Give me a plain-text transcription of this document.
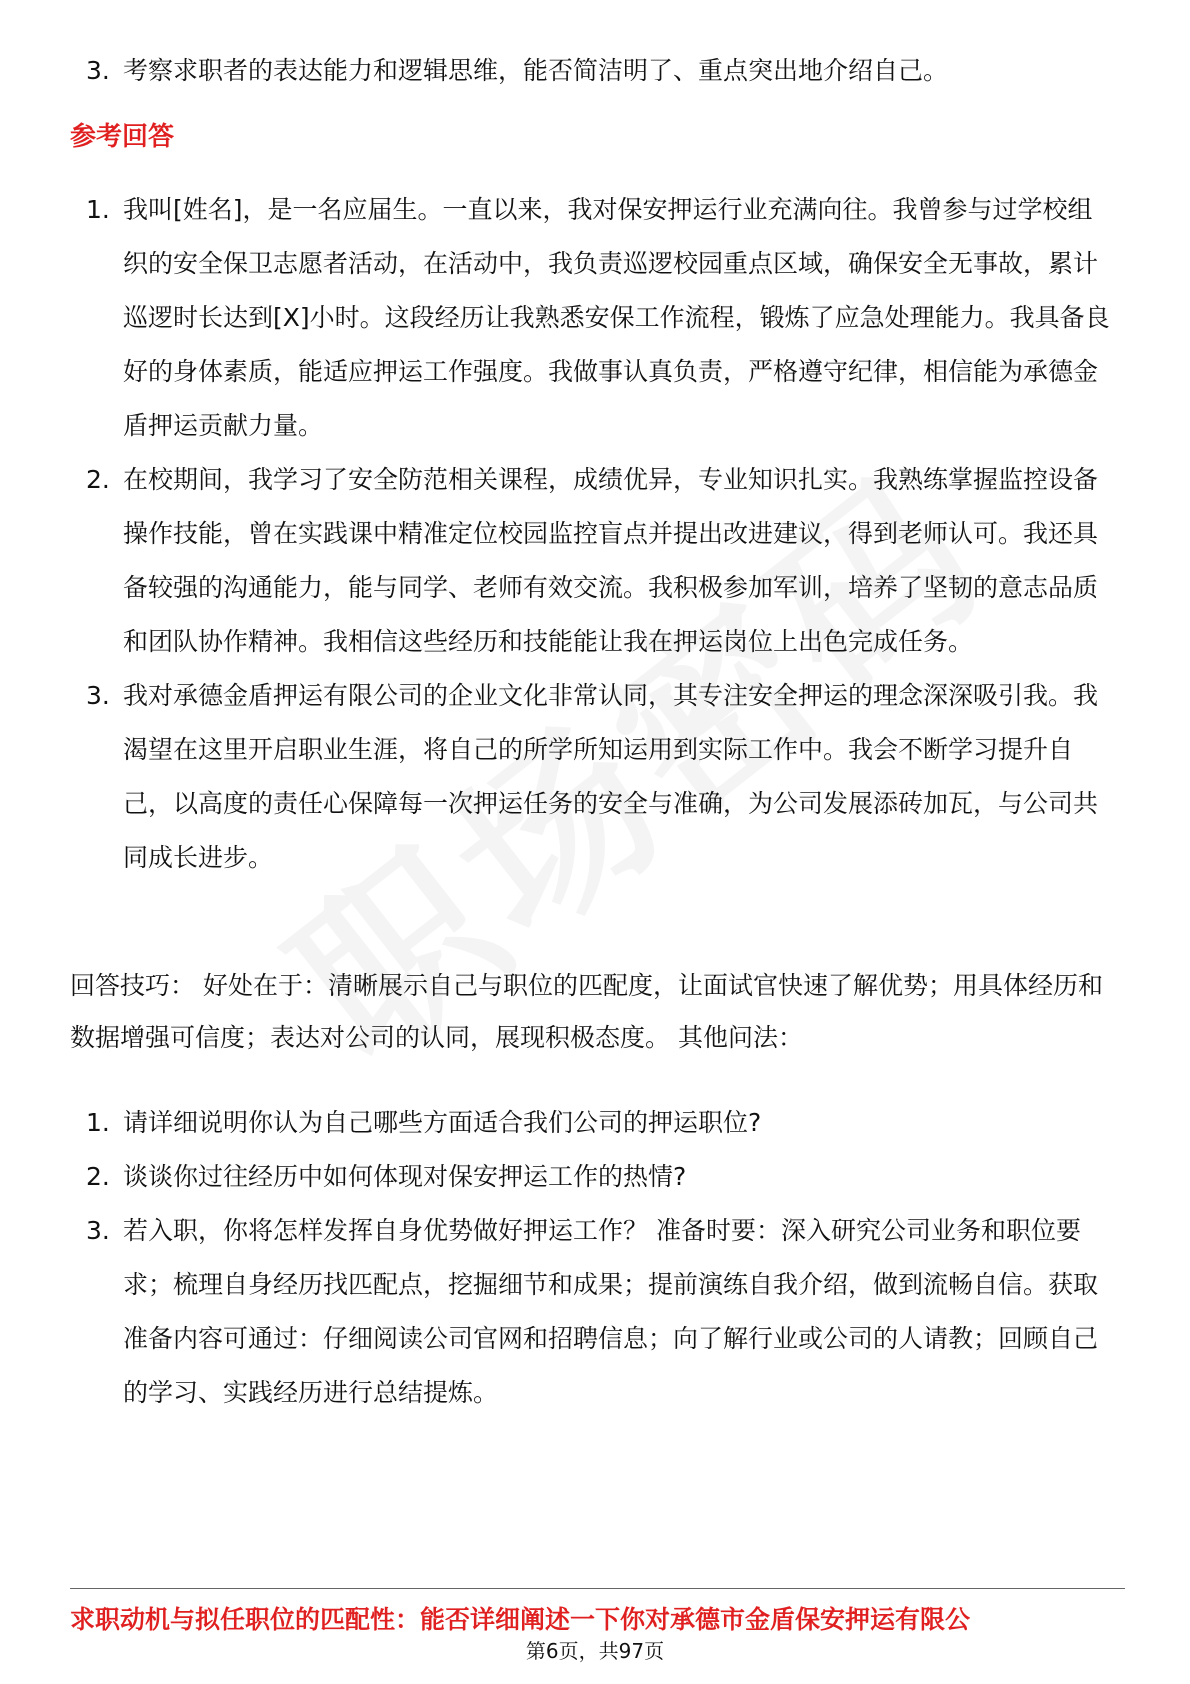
3. 考察求职者的表达能力和逻辑思维，能否简洁明了、重点突出地介绍自己。
参考回答
1. 我叫[姓名]，是一名应届生。一直以来，我对保安押运行业充满向往。我曾参与过学校组织的安全保卫志愿者活动，在活动中，我负责巡逻校园重点区域，确保安全无事故，累计巡逻时长达到[X]小时。这段经历让我熟悉安保工作流程，锻炼了应急处理能力。我具备良好的身体素质，能适应押运工作强度。我做事认真负责，严格遵守纪律，相信能为承德金盾押运贡献力量。
2. 在校期间，我学习了安全防范相关课程，成绩优异，专业知识扎实。我熟练掌握监控设备操作技能，曾在实践课中精准定位校园监控盲点并提出改进建议，得到老师认可。我还具备较强的沟通能力，能与同学、老师有效交流。我积极参加军训，培养了坚韧的意志品质和团队协作精神。我相信这些经历和技能能让我在押运岗位上出色完成任务。
3. 我对承德金盾押运有限公司的企业文化非常认同，其专注安全押运的理念深深吸引我。我渴望在这里开启职业生涯，将自己的所学所知运用到实际工作中。我会不断学习提升自己，以高度的责任心保障每一次押运任务的安全与准确，为公司发展添砖加瓦，与公司共同成长进步。

回答技巧： 好处在于：清晰展示自己与职位的匹配度，让面试官快速了解优势；用具体经历和数据增强可信度；表达对公司的认同，展现积极态度。 其他问法：

1. 请详细说明你认为自己哪些方面适合我们公司的押运职位?
2. 谈谈你过往经历中如何体现对保安押运工作的热情?
3. 若入职，你将怎样发挥自身优势做好押运工作？ 准备时要：深入研究公司业务和职位要求；梳理自身经历找匹配点，挖掘细节和成果；提前演练自我介绍，做到流畅自信。获取准备内容可通过：仔细阅读公司官网和招聘信息；向了解行业或公司的人请教；回顾自己的学习、实践经历进行总结提炼。
求职动机与拟任职位的匹配性：能否详细阐述一下你对承德市金盾保安押运有限公
第6页，共97页
